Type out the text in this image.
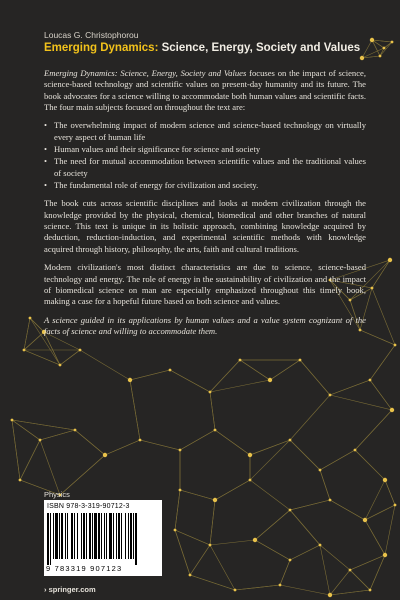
Loucas G. Christophorou
Emerging Dynamics: Science, Energy, Society and Values

Emerging Dynamics: Science, Energy, Society and Values focuses on the impact of science, science-based technology and scientific values on present-day humanity and its future. The book advocates for a science willing to accommodate both human values and scientific facts. The four main subjects focused on throughout the text are:

• The overwhelming impact of modern science and science-based technology on virtually every aspect of human life
• Human values and their significance for science and society
• The need for mutual accommodation between scientific values and the traditional values of society
• The fundamental role of energy for civilization and society.

The book cuts across scientific disciplines and looks at modern civilization through the knowledge provided by the physical, chemical, biomedical and other branches of natural science. This text is unique in its holistic approach, combining knowledge acquired by deduction, reduction-induction, and experimental scientific methods with knowledge acquired through history, philosophy, the arts, faith and cultural traditions.

Modern civilization's most distinct characteristics are due to science, science-based technology and energy. The role of energy in the sustainability of civilization and the impact of biomedical science on man are especially emphasized throughout this timely book, making a case for a hopeful future based on both science and values.

A science guided in its applications by human values and a value system cognizant of the facts of science and willing to accommodate them.

Physics
ISBN 978-3-319-90712-3
9 783319 907123
› springer.com
